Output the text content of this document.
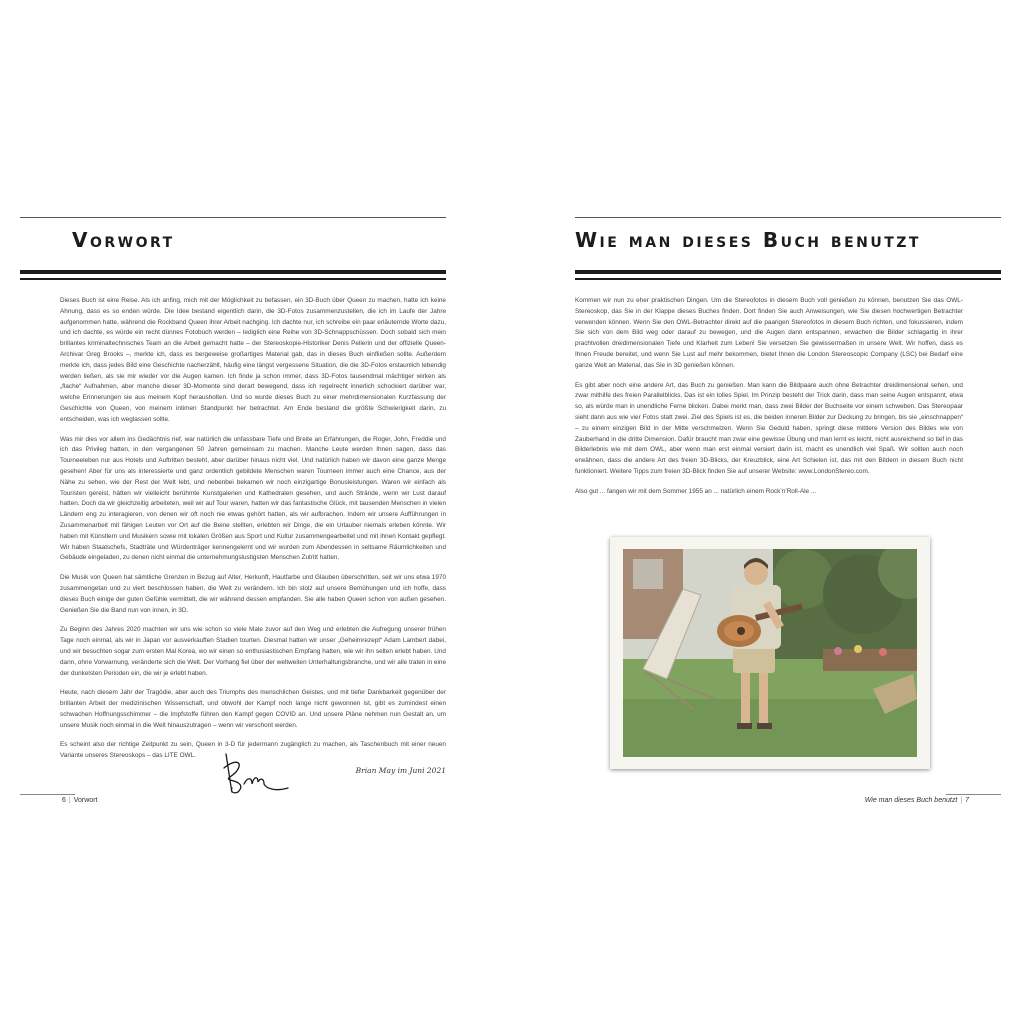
Vorwort

Dieses Buch ist eine Reise. Als ich anfing, mich mit der Möglichkeit zu befassen, ein 3D-Buch über Queen zu machen, hatte ich keine Ahnung, dass es so enden würde. Die Idee bestand eigentlich darin, die 3D-Fotos zusammenzustellen, die ich im Laufe der Jahre aufgenommen hatte, während die Rockband Queen ihrer Arbeit nachging. Ich dachte nur, ich schreibe ein paar erläuternde Worte dazu, und ich dachte, es würde ein recht dünnes Fotobuch werden – lediglich eine Reihe von 3D-Schnappschüssen. Doch sobald sich mein brillantes kriminaltechnisches Team an die Arbeit gemacht hatte – der Stereoskopie-Historiker Denis Pellerin und der offizielle Queen-Archivar Greg Brooks –, merkte ich, dass es bergeweise großartiges Material gab, das in dieses Buch einfließen sollte. Außerdem merkte ich, dass jedes Bild eine Geschichte nacherzählt, häufig eine längst vergessene Situation, die die 3D-Fotos erstaunlich lebendig werden ließen, als sie mir wieder vor die Augen kamen. Ich finde ja schon immer, dass 3D-Fotos tausendmal mächtiger wirken als „flache“ Aufnahmen, aber manche dieser 3D-Momente sind derart bewegend, dass ich regelrecht innerlich schockiert darüber war, welche Erinnerungen sie aus meinem Kopf herausholten. Und so wurde dieses Buch zu einer mehrdimensionalen Kurzfassung der Geschichte von Queen, von meinem intimen Standpunkt her betrachtet. Am Ende bestand die größte Schwierigkeit darin, zu entscheiden, was ich weglassen sollte.

Was mir dies vor allem ins Gedächtnis rief, war natürlich die unfassbare Tiefe und Breite an Erfahrungen, die Roger, John, Freddie und ich das Privileg hatten, in den vergangenen 50 Jahren gemeinsam zu machen. Manche Leute werden Ihnen sagen, dass das Tourneeleben nur aus Hotels und Auftritten besteht, aber darüber hinaus nicht viel. Und natürlich haben wir davon eine ganze Menge gesehen! Aber für uns als interessierte und ganz ordentlich gebildete Menschen waren Tourneen immer auch eine Chance, aus der Nähe zu sehen, wie der Rest der Welt lebt, und nebenbei bekamen wir noch einzigartige Bonusleistungen. Waren wir einfach als Touristen gereist, hätten wir vielleicht berühmte Kunstgalerien und Kathedralen gesehen, und auch Strände, wenn wir Lust darauf hatten. Doch da wir gleichzeitig arbeiteten, weil wir auf Tour waren, hatten wir das fantastische Glück, mit tausenden Menschen in vielen Ländern eng zu interagieren, von denen wir oft noch nie etwas gehört hatten, als wir aufbrachen. Indem wir unsere Aufführungen in Zusammenarbeit mit fähigen Leuten vor Ort auf die Beine stellten, erlebten wir Dinge, die ein Urlauber niemals erleben könnte. Wir haben mit Künstlern und Musikern sowie mit lokalen Größen aus Sport und Kultur zusammengearbeitet und mit ihnen Kontakt gepflegt. Wir haben Staatschefs, Stadträte und Würdenträger kennengelernt und wir wurden zum Abendessen in seltsame Räumlichkeiten und Gebäude eingeladen, zu denen nicht einmal die unternehmungslustigsten Menschen Zutritt hatten.

Die Musik von Queen hat sämtliche Grenzen in Bezug auf Alter, Herkunft, Hautfarbe und Glauben überschritten, seit wir uns etwa 1970 zusammengetan und zu viert beschlossen haben, die Welt zu verändern. Ich bin stolz auf unsere Bemühungen und ich hoffe, dass dieses Buch einige der guten Gefühle vermittelt, die wir während dessen empfanden. Sie alle haben Queen schon von außen gesehen. Genießen Sie die Band nun von innen, in 3D.

Zu Beginn des Jahres 2020 machten wir uns wie schon so viele Male zuvor auf den Weg und erlebten die Aufregung unserer frühen Tage noch einmal, als wir in Japan vor ausverkauften Stadien tourten. Diesmal hatten wir unser „Geheimrezept“ Adam Lambert dabei, und wir besuchten sogar zum ersten Mal Korea, wo wir einen so enthusiastischen Empfang hatten, wie wir ihn selten erlebt haben. Und dann, ohne Vorwarnung, veränderte sich die Welt. Der Vorhang fiel über der weltweiten Unterhaltungsbranche, und wir alle traten in eine der dunkelsten Perioden ein, die wir je erlebt haben.

Heute, nach diesem Jahr der Tragödie, aber auch des Triumphs des menschlichen Geistes, und mit tiefer Dankbarkeit gegenüber der brillanten Arbeit der medizinischen Wissenschaft, und obwohl der Kampf noch lange nicht gewonnen ist, gibt es zumindest einen schwachen Hoffnungsschimmer – die Impfstoffe führen den Kampf gegen COVID an. Und unsere Pläne nehmen nun Gestalt an, um unsere Musik noch einmal in die Welt hinauszutragen – wenn wir verschont werden.

Es scheint also der richtige Zeitpunkt zu sein, Queen in 3-D für jedermann zugänglich zu machen, als Taschenbuch mit einer neuen Variante unseres Stereoskops – das LITE OWL.

Brian May im Juni 2021
6 | Vorwort
Wie man dieses Buch benutzt

Kommen wir nun zu eher praktischen Dingen. Um die Stereofotos in diesem Buch voll genießen zu können, benutzen Sie das OWL-Stereoskop, das Sie in der Klappe dieses Buches finden. Dort finden Sie auch Anweisungen, wie Sie diesen hochwertigen Betrachter verwenden können. Wenn Sie den OWL-Betrachter direkt auf die paarigen Stereofotos in diesem Buch richten, und fokussieren, indem Sie sich von dem Bild weg oder darauf zu bewegen, und die Augen dann entspannen, erwachen die Bilder schlagartig in ihrer prachtvollen dreidimensionalen Tiefe und Klarheit zum Leben! Sie versetzen Sie gewissermaßen in unsere Welt. Wir hoffen, dass es Ihnen Freude bereitet, und wenn Sie Lust auf mehr bekommen, bietet Ihnen die London Stereoscopic Company (LSC) bei Bedarf eine ganze Welt an Material, das Sie in 3D genießen können.

Es gibt aber noch eine andere Art, das Buch zu genießen. Man kann die Bildpaare auch ohne Betrachter dreidimensional sehen, und zwar mithilfe des freien Parallelblicks. Das ist ein tolles Spiel. Im Prinzip besteht der Trick darin, dass man seine Augen entspannt, etwa so, als würde man in unendliche Ferne blicken. Dabei merkt man, dass zwei Bilder der Buchseite vor einem schweben. Das Stereopaar sieht dann aus wie vier Fotos statt zwei. Ziel des Spiels ist es, die beiden inneren Bilder zur Deckung zu bringen, bis sie „einschnappen“ – zu einem einzigen Bild in der Mitte verschmelzen. Wenn Sie Geduld haben, springt diese mittlere Version des Bildes wie von Zauberhand in die dritte Dimension. Dafür braucht man zwar eine gewisse Übung und man lernt es leicht, nicht ausreichend so tief in das Bilderlebnis wie mit dem OWL, aber wenn man erst einmal versiert darin ist, macht es unendlich viel Spaß. Wir sollten auch noch erwähnen, dass die andere Art des freien 3D-Blicks, der Kreuzblick, eine Art Schielen ist, das mit den Bildern in diesem Buch nicht funktioniert. Weitere Tipps zum freien 3D-Blick finden Sie auf unserer Website: www.LondonStereo.com.

Also gut ... fangen wir mit dem Sommer 1955 an ... natürlich einem Rock’n’Roll-Ale ...

Wie man dieses Buch benutzt | 7
